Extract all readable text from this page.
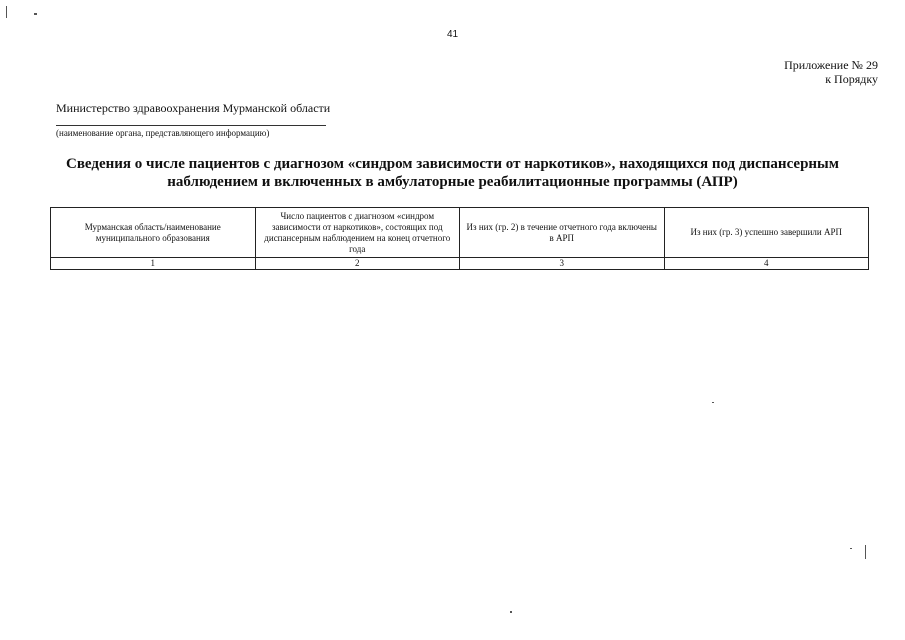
41
Приложение № 29
к Порядку
Министерство здравоохранения Мурманской области
(наименование органа, представляющего информацию)
Сведения о числе пациентов с диагнозом «синдром зависимости от наркотиков», находящихся под диспансерным
наблюдением и включенных в амбулаторные реабилитационные программы (АПР)
Мурманская область/наименование муниципального образования	Число пациентов с диагнозом «синдром зависимости от наркотиков», состоящих под диспансерным наблюдением на конец отчетного года	Из них (гр. 2) в течение отчетного года включены в АРП	Из них (гр. 3) успешно завершили АРП
1	2	3	4
